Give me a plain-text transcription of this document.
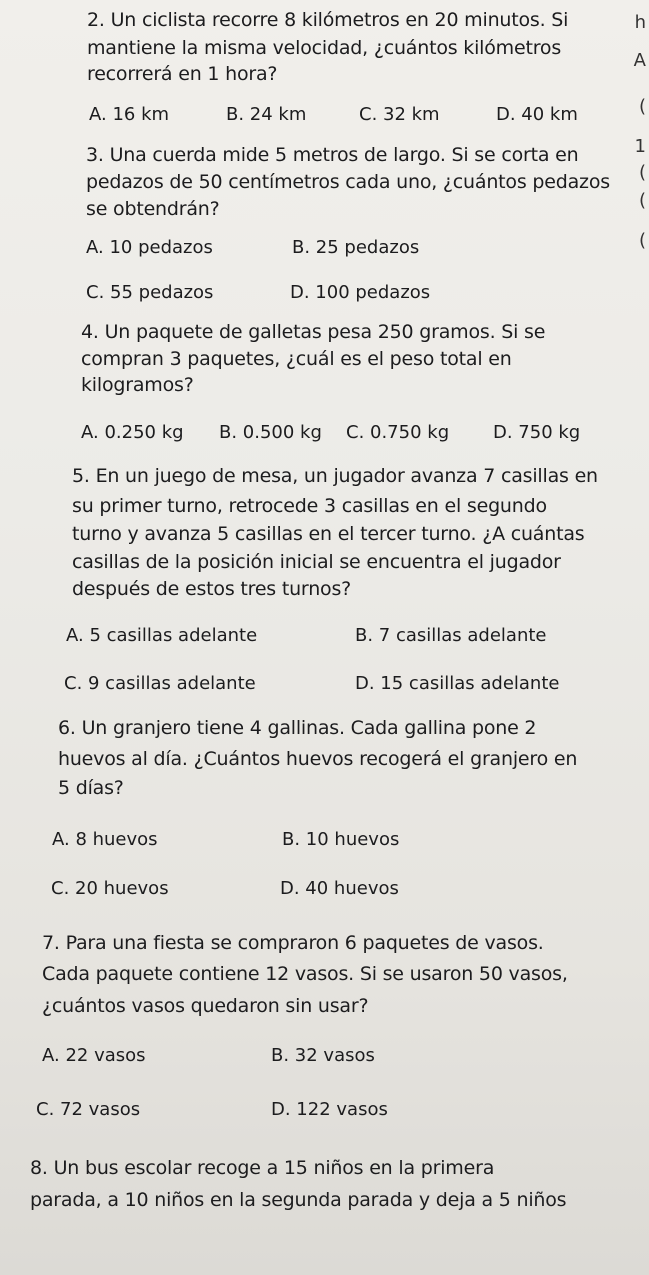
2. Un ciclista recorre 8 kilómetros en 20 minutos. Si
mantiene la misma velocidad, ¿cuántos kilómetros
recorrerá en 1 hora?
A. 16 km	B. 24 km	C. 32 km	D. 40 km
3. Una cuerda mide 5 metros de largo. Si se corta en
pedazos de 50 centímetros cada uno, ¿cuántos pedazos
se obtendrán?
A. 10 pedazos	B. 25 pedazos
C. 55 pedazos	D. 100 pedazos
4. Un paquete de galletas pesa 250 gramos. Si se
compran 3 paquetes, ¿cuál es el peso total en
kilogramos?
A. 0.250 kg B. 0.500 kg C. 0.750 kg D. 750 kg
5. En un juego de mesa, un jugador avanza 7 casillas en
su primer turno, retrocede 3 casillas en el segundo
turno y avanza 5 casillas en el tercer turno. ¿A cuántas
casillas de la posición inicial se encuentra el jugador
después de estos tres turnos?
A. 5 casillas adelante	B. 7 casillas adelante
C. 9 casillas adelante	D. 15 casillas adelante
6. Un granjero tiene 4 gallinas. Cada gallina pone 2
huevos al día. ¿Cuántos huevos recogerá el granjero en
5 días?
A. 8 huevos	B. 10 huevos
C. 20 huevos	D. 40 huevos
7. Para una fiesta se compraron 6 paquetes de vasos.
Cada paquete contiene 12 vasos. Si se usaron 50 vasos,
¿cuántos vasos quedaron sin usar?
A. 22 vasos	B. 32 vasos
C. 72 vasos	D. 122 vasos
8. Un bus escolar recoge a 15 niños en la primera
parada, a 10 niños en la segunda parada y deja a 5 niños
h
A
(
1
(
(
(
